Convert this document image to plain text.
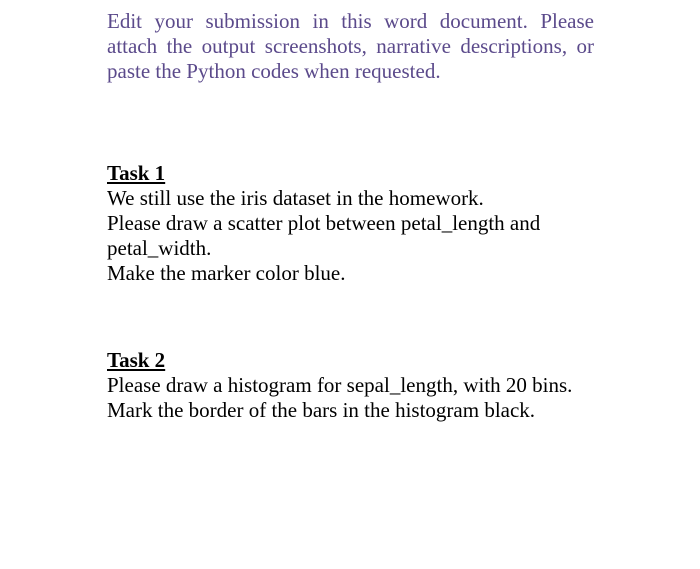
Edit your submission in this word document. Please attach the output screenshots, narrative descriptions, or paste the Python codes when requested.

Task 1
We still use the iris dataset in the homework.
Please draw a scatter plot between petal_length and petal_width.
Make the marker color blue.
Task 2
Please draw a histogram for sepal_length, with 20 bins.
Mark the border of the bars in the histogram black.
